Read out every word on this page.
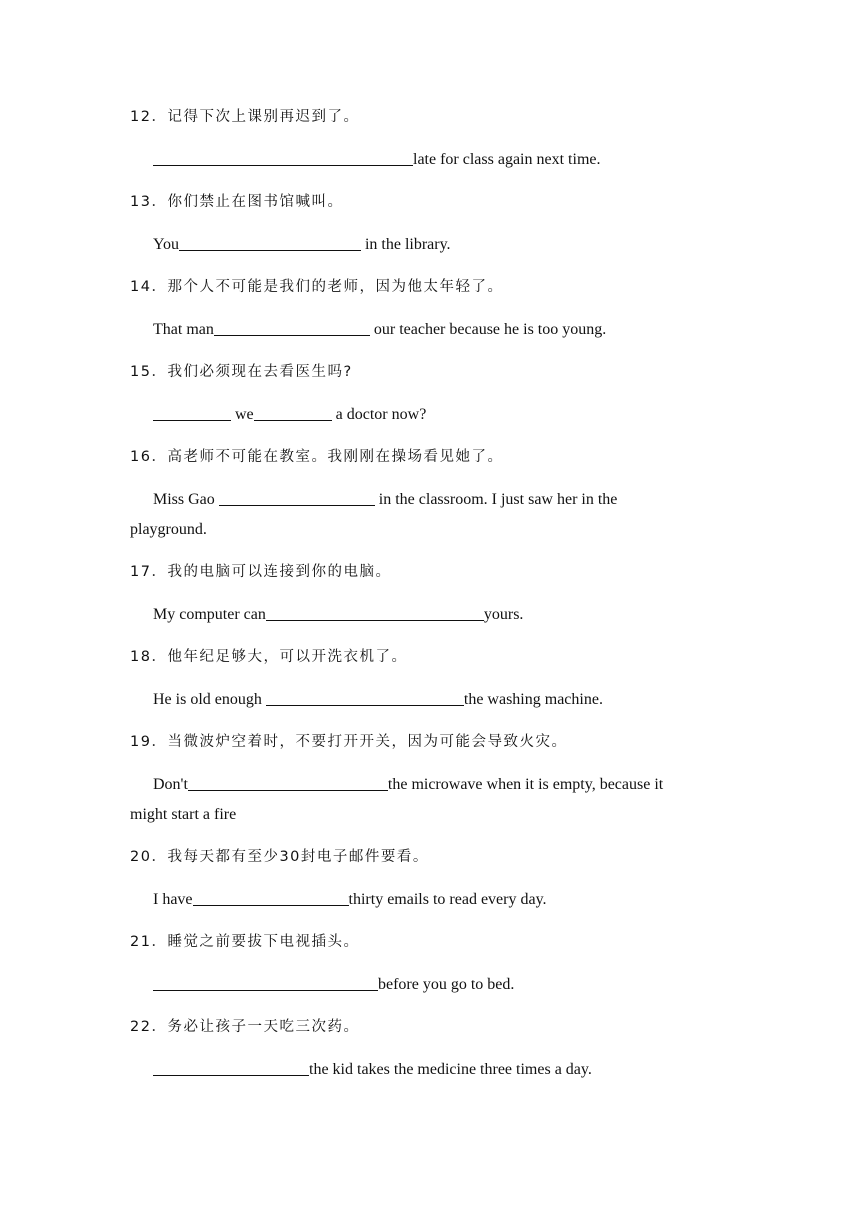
12．记得下次上课别再迟到了。
late for class again next time.
13．你们禁止在图书馆喊叫。
You	in the library.
14．那个人不可能是我们的老师，因为他太年轻了。
That man	our teacher because he is too young.
15．我们必须现在去看医生吗?
we	a doctor now?
16．高老师不可能在教室。我刚刚在操场看见她了。
Miss Gao	in the classroom. I just saw her in the playground.
17．我的电脑可以连接到你的电脑。
My computer can	yours.
18．他年纪足够大，可以开洗衣机了。
He is old enough	the washing machine.
19．当微波炉空着时，不要打开开关，因为可能会导致火灾。
Don't	the microwave when it is empty, because it might start a fire
20．我每天都有至少30封电子邮件要看。
I have	thirty emails to read every day.
21．睡觉之前要拔下电视插头。
before you go to bed.
22．务必让孩子一天吃三次药。
the kid takes the medicine three times a day.
